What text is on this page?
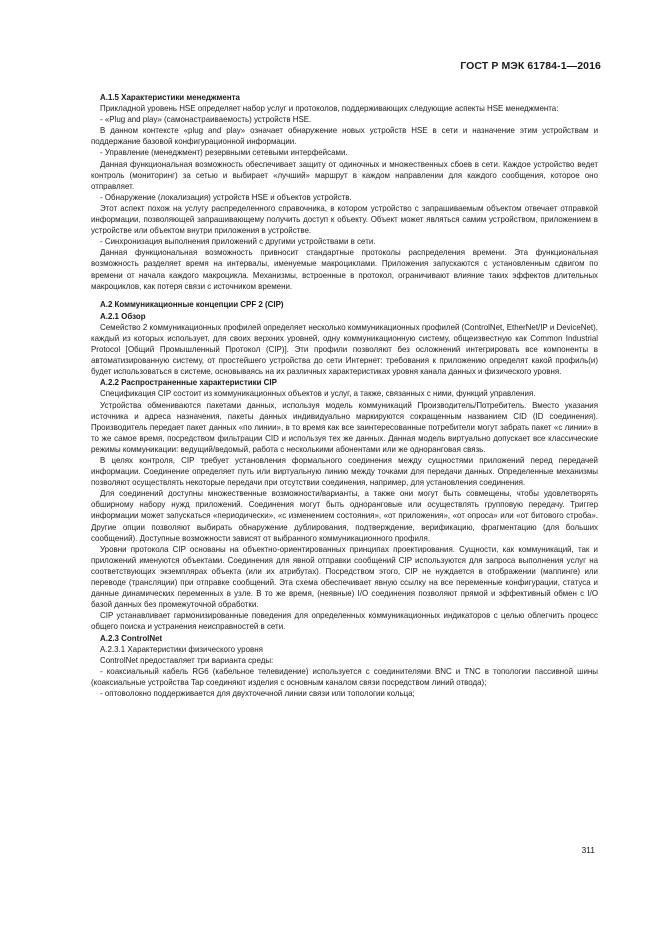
ГОСТ Р МЭК 61784-1—2016

А.1.5 Характеристики менеджмента

Прикладной уровень HSE определяет набор услуг и протоколов, поддерживающих следующие аспекты HSE менеджмента:

- «Plug and play» (самонастраиваемость) устройств HSE.

В данном контексте «plug and play» означает обнаружение новых устройств HSE в сети и назначение этим устройствам и поддержание базовой конфигурационной информации.

- Управление (менеджмент) резервными сетевыми интерфейсами.

Данная функциональная возможность обеспечивает защиту от одиночных и множественных сбоев в сети. Каждое устройство ведет контроль (мониторинг) за сетью и выбирает «лучший» маршрут в каждом направлении для каждого сообщения, которое оно отправляет.

- Обнаружение (локализация) устройств HSE и объектов устройств.

Этот аспект похож на услугу распределенного справочника, в котором устройство с запрашиваемым объектом отвечает отправкой информации, позволяющей запрашивающему получить доступ к объекту. Объект может являться самим устройством, приложением в устройстве или объектом внутри приложения в устройстве.

- Синхронизация выполнения приложений с другими устройствами в сети.

Данная функциональная возможность привносит стандартные протоколы распределения времени. Эта функциональная возможность разделяет время на интервалы, именуемые макроциклами. Приложения запускаются с установленным сдвигом по времени от начала каждого макроцикла. Механизмы, встроенные в протокол, ограничивают влияние таких эффектов длительных макроциклов, как потеря связи с источником времени.

А.2 Коммуникационные концепции CPF 2 (CIP)

А.2.1 Обзор

Семейство 2 коммуникационных профилей определяет несколько коммуникационных профилей (ControlNet, EtherNet/IP и DeviceNet), каждый из которых использует, для своих верхних уровней, одну коммуникационную систему, общеизвестную как Common Industrial Protocol [Общий Промышленный Протокол (CIP)]. Эти профили позволяют без осложнений интегрировать все компоненты в автоматизированную систему, от простейшего устройства до сети Интернет: требования к приложению определят какой профиль(и) будет использоваться в системе, основываясь на их различных характеристиках уровня канала данных и физического уровня.

А.2.2 Распространенные характеристики CIP

Спецификация CIP состоит из коммуникационных объектов и услуг, а также, связанных с ними, функций управления.

Устройства обмениваются пакетами данных, используя модель коммуникаций Производитель/Потребитель. Вместо указания источника и адреса назначения, пакеты данных индивидуально маркируются сокращенным названием CID (ID соединения). Производитель передает пакет данных «по линии», в то время как все заинтересованные потребители могут забрать пакет «с линии» в то же самое время, посредством фильтрации CID и используя тех же данных. Данная модель виртуально допускает все классические режимы коммуникации: ведущий/ведомый, работа с несколькими абонентами или же одноранговая связь.

В целях контроля, CIP требует установления формального соединения между сущностями приложений перед передачей информации. Соединение определяет путь или виртуальную линию между точками для передачи данных. Определенные механизмы позволяют осуществлять некоторые передачи при отсутствии соединения, например, для установления соединения.

Для соединений доступны множественные возможности/варианты, а также они могут быть совмещены, чтобы удовлетворять обширному набору нужд приложений. Соединения могут быть одноранговые или осуществлять групповую передачу. Триггер информации может запускаться «периодически», «с изменением состояния», «от приложения», «от опроса» или «от битового строба». Другие опции позволяют выбирать обнаружение дублирования, подтверждение, верификацию, фрагментацию (для больших сообщений). Доступные возможности зависят от выбранного коммуникационного профиля.

Уровни протокола CIP основаны на объектно-ориентированных принципах проектирования. Сущности, как коммуникаций, так и приложений именуются объектами. Соединения для явной отправки сообщений CIP используются для запроса выполнения услуг на соответствующих экземплярах объекта (или их атрибутах). Посредством этого, CIP не нуждается в отображении (маппинге) или переводе (трансляции) при отправке сообщений. Эта схема обеспечивает явную ссылку на все переменные конфигурации, статуса и данные динамических переменных в узле. В то же время, (неявные) I/O соединения позволяют прямой и эффективный обмен с I/O базой данных без промежуточной обработки.

CIP устанавливает гармонизированные поведения для определенных коммуникационных индикаторов с целью облегчить процесс общего поиска и устранения неисправностей в сети.

А.2.3 ControlNet

А.2.3.1 Характеристики физического уровня

ControlNet предоставляет три варианта среды:

- коаксиальный кабель RG6 (кабельное телевидение) используется с соединителями BNC и TNC в топологии пассивной шины (коаксиальные устройства Tap соединяют изделия с основным каналом связи посредством линий отвода);

- оптоволокно поддерживается для двухточечной линии связи или топологии кольца;

311
